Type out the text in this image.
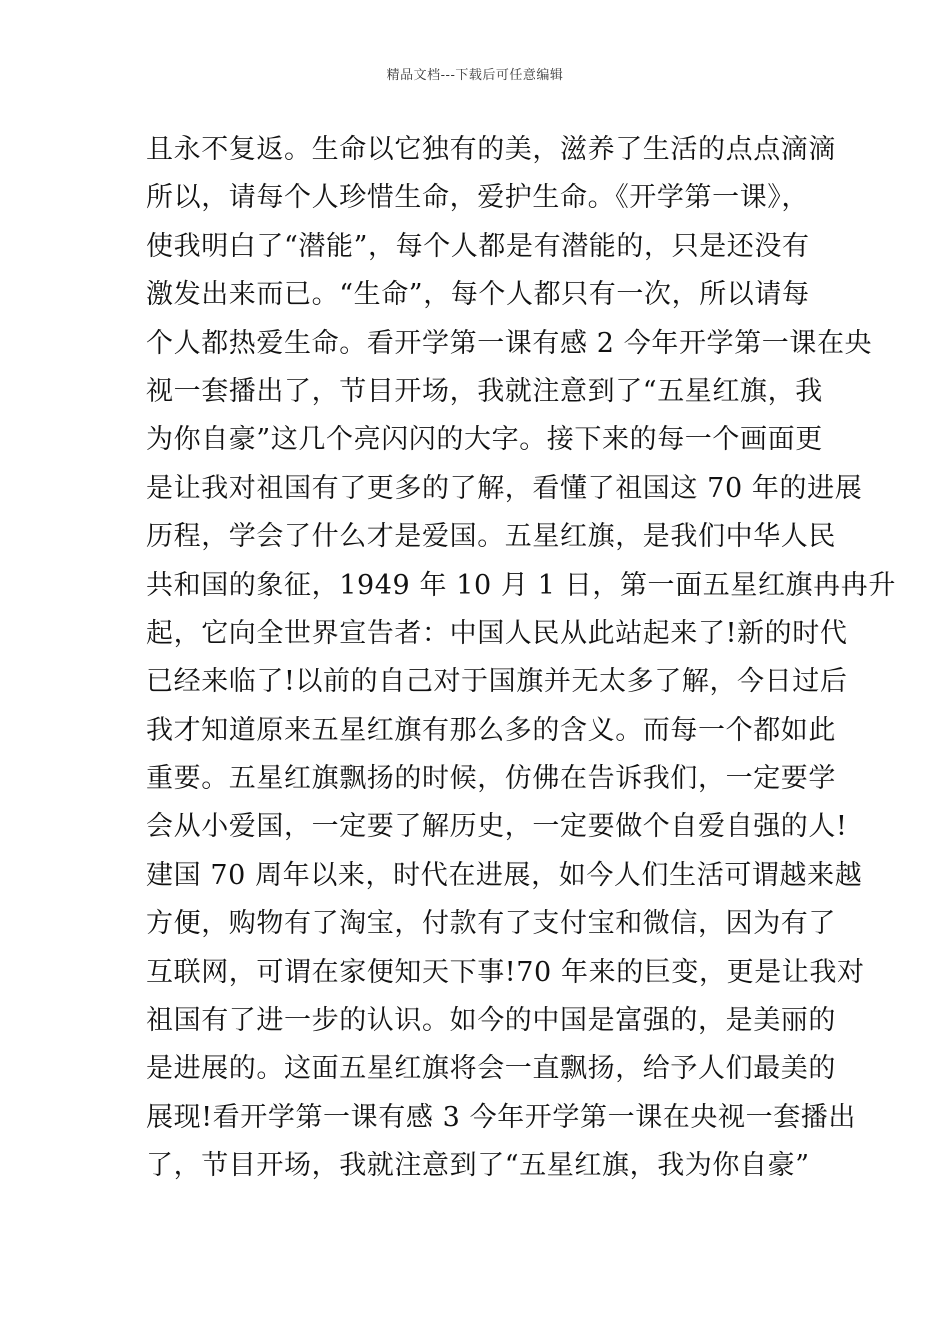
精品文档---下载后可任意编辑
且永不复返。生命以它独有的美，滋养了生活的点点滴滴
所以，请每个人珍惜生命，爱护生命。《开学第一课》，
使我明白了“潜能”，每个人都是有潜能的，只是还没有
激发出来而已。“生命”，每个人都只有一次，所以请每
个人都热爱生命。看开学第一课有感 2 今年开学第一课在央
视一套播出了，节目开场，我就注意到了“五星红旗，我
为你自豪”这几个亮闪闪的大字。接下来的每一个画面更
是让我对祖国有了更多的了解，看懂了祖国这 70 年的进展
历程，学会了什么才是爱国。五星红旗，是我们中华人民
共和国的象征，1949 年 10 月 1 日，第一面五星红旗冉冉升
起，它向全世界宣告者：中国人民从此站起来了!新的时代
已经来临了!以前的自己对于国旗并无太多了解，今日过后
我才知道原来五星红旗有那么多的含义。而每一个都如此
重要。五星红旗飘扬的时候，仿佛在告诉我们，一定要学
会从小爱国，一定要了解历史，一定要做个自爱自强的人!
建国 70 周年以来，时代在进展，如今人们生活可谓越来越
方便，购物有了淘宝，付款有了支付宝和微信，因为有了
互联网，可谓在家便知天下事!70 年来的巨变，更是让我对
祖国有了进一步的认识。如今的中国是富强的，是美丽的
是进展的。这面五星红旗将会一直飘扬，给予人们最美的
展现!看开学第一课有感 3 今年开学第一课在央视一套播出
了，节目开场，我就注意到了“五星红旗，我为你自豪”
